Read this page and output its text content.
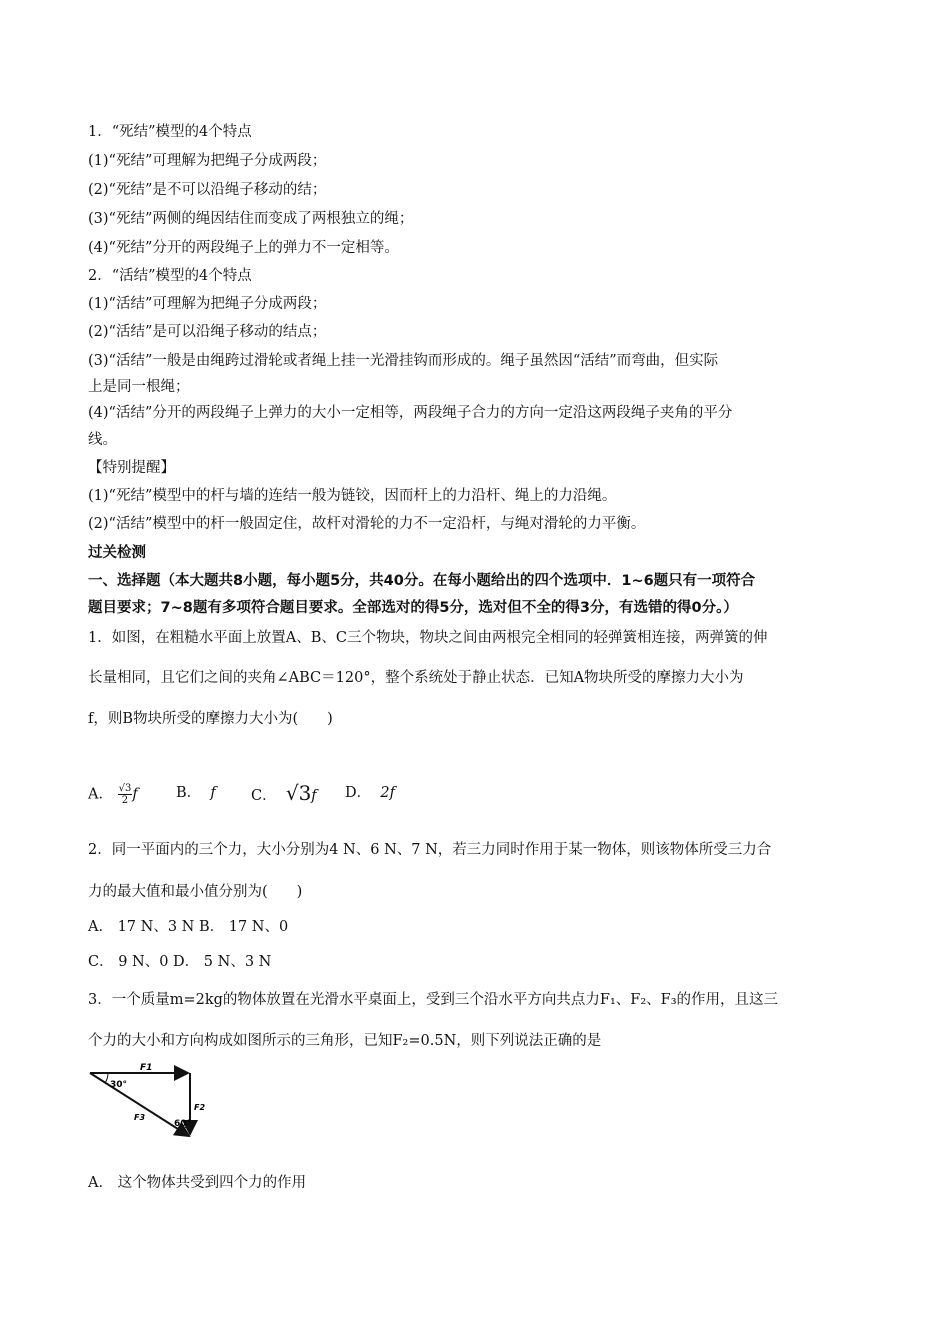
1．“死结”模型的4个特点
(1)“死结”可理解为把绳子分成两段；
(2)“死结”是不可以沿绳子移动的结；
(3)“死结”两侧的绳因结住而变成了两根独立的绳；
(4)“死结”分开的两段绳子上的弹力不一定相等。
2．“活结”模型的4个特点
(1)“活结”可理解为把绳子分成两段；
(2)“活结”是可以沿绳子移动的结点；
(3)“活结”一般是由绳跨过滑轮或者绳上挂一光滑挂钩而形成的。绳子虽然因“活结”而弯曲，但实际
上是同一根绳；
(4)“活结”分开的两段绳子上弹力的大小一定相等，两段绳子合力的方向一定沿这两段绳子夹角的平分
线。
【特别提醒】
(1)“死结”模型中的杆与墙的连结一般为链铰，因而杆上的力沿杆、绳上的力沿绳。
(2)“活结”模型中的杆一般固定住，故杆对滑轮的力不一定沿杆，与绳对滑轮的力平衡。
过关检测
一、选择题（本大题共8小题，每小题5分，共40分。在每小题给出的四个选项中．1~6题只有一项符合
题目要求；7~8题有多项符合题目要求。全部选对的得5分，选对但不全的得3分，有选错的得0分。）
1．如图，在粗糙水平面上放置A、B、C三个物块，物块之间由两根完全相同的轻弹簧相连接，两弹簧的伸
长量相同，且它们之间的夹角∠ABC＝120°，整个系统处于静止状态．已知A物块所受的摩擦力大小为
f，则B物块所受的摩擦力大小为(　　)
A． $\frac{√3}{2}$ f	B． f C． √3f D． 2f
2．同一平面内的三个力，大小分别为4 N、6 N、7 N，若三力同时作用于某一物体，则该物体所受三力合
力的最大值和最小值分别为(　　)
A． 17 N、3 N B． 17 N、0
C． 9 N、0 D． 5 N、3 N
3．一个质量m=2kg的物体放置在光滑水平桌面上，受到三个沿水平方向共点力F₁、F₂、F₃的作用，且这三
个力的大小和方向构成如图所示的三角形，已知F₂=0.5N，则下列说法正确的是
F1
F2
F3
30°
60°
A． 这个物体共受到四个力的作用
